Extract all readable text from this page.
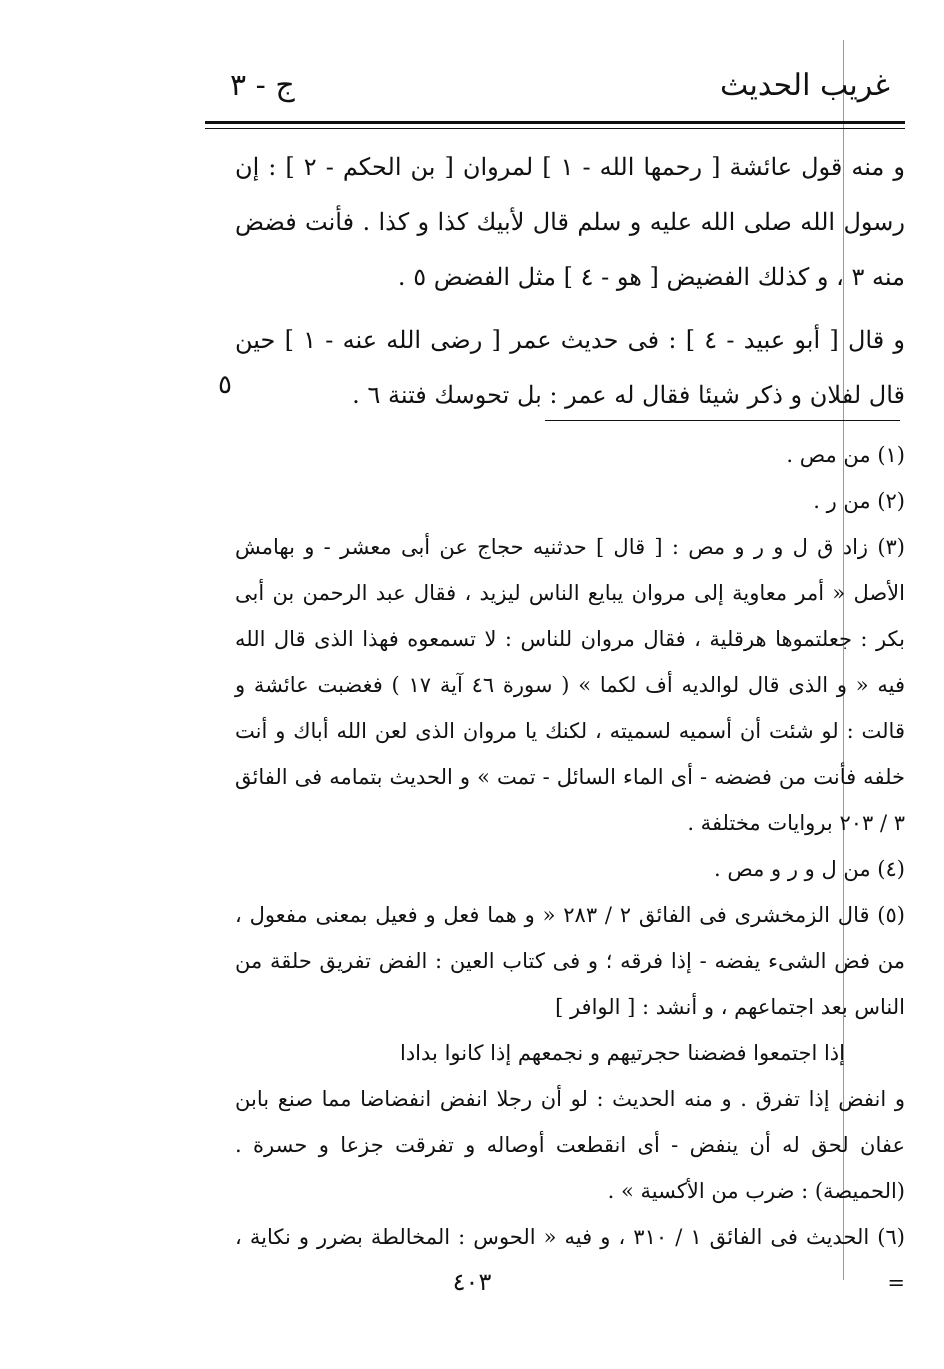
غريب الحديث
ج - ٣

و منه قول عائشة [ رحمها الله - ١ ] لمروان [ بن الحكم - ٢ ] : إن رسول الله صلى الله عليه و سلم قال لأبيك كذا و كذا . فأنت فضض منه ٣ ، و كذلك الفضيض [ هو - ٤ ] مثل الفضض ٥ .

و قال [ أبو عبيد - ٤ ] : فى حديث عمر [ رضى الله عنه - ١ ] حين قال لفلان و ذكر شيئا فقال له عمر : بل تحوسك فتنة ٦ .

٥

(١) من مص .

(٢) من ر .

(٣) زاد ق ل و ر و مص : [ قال ] حدثنيه حجاج عن أبى معشر - و بهامش الأصل « أمر معاوية إلى مروان يبايع الناس ليزيد ، فقال عبد الرحمن بن أبى بكر : جعلتموها هرقلية ، فقال مروان للناس : لا تسمعوه فهذا الذى قال الله فيه « و الذى قال لوالديه أف لكما » ( سورة ٤٦ آية ١٧ ) فغضبت عائشة و قالت : لو شئت أن أسميه لسميته ، لكنك يا مروان الذى لعن الله أباك و أنت خلفه فأنت من فضضه - أى الماء السائل - تمت » و الحديث بتمامه فى الفائق ٣ / ٢٠٣ بروايات مختلفة .

(٤) من ل و ر و مص .

(٥) قال الزمخشرى فى الفائق ٢ / ٢٨٣ « و هما فعل و فعيل بمعنى مفعول ، من فض الشىء يفضه - إذا فرقه ؛ و فى كتاب العين : الفض تفريق حلقة من الناس بعد اجتماعهم ، و أنشد : [ الوافر ]

إذا اجتمعوا فضضنا حجرتيهم و نجمعهم إذا كانوا بدادا

و انفض إذا تفرق . و منه الحديث : لو أن رجلا انفض انفضاضا مما صنع بابن عفان لحق له أن ينفض - أى انقطعت أوصاله و تفرقت جزعا و حسرة . (الحميصة) : ضرب من الأكسية » .

(٦) الحديث فى الفائق ١ / ٣١٠ ، و فيه « الحوس : المخالطة بضرر و نكاية ، =

٤٠٣
